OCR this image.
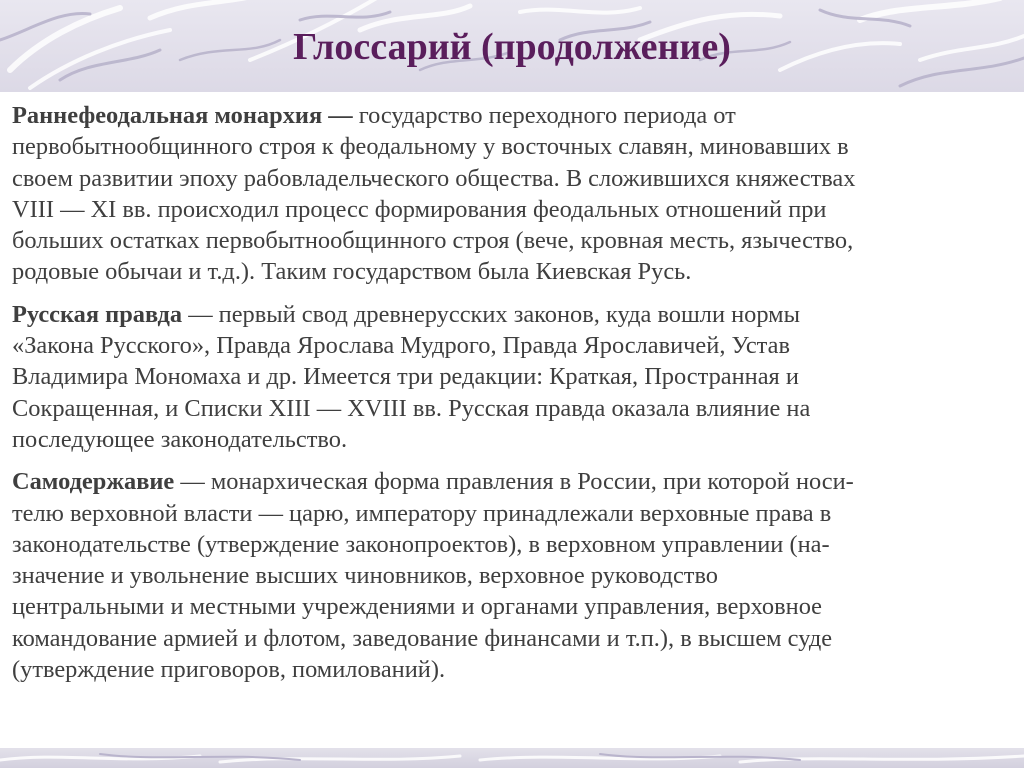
Глоссарий (продолжение)

Раннефеодальная монархия — государство переходного периода от
первобытнообщинного строя к феодальному у восточных славян, миновавших в
своем развитии эпоху рабовладельческого общества. В сложившихся княжествах
VIII — XI вв. происходил процесс формирования феодальных отношений при
больших остатках первобытнообщинного строя (вече, кровная месть, язычество,
родовые обычаи и т.д.). Таким государством была Киевская Русь.

Русская правда — первый свод древнерусских законов, куда вошли нормы
«Закона Русского», Правда Ярослава Мудрого, Правда Ярославичей, Устав
Владимира Мономаха и др. Имеется три редакции: Краткая, Пространная и
Сокращенная, и Списки XIII — XVIII вв. Русская правда оказала влияние на
последующее законодательство.

Самодержавие — монархическая форма правления в России, при которой носи-
телю верховной власти — царю, императору принадлежали верховные права в
законодательстве (утверждение законопроектов), в верховном управлении (на-
значение и увольнение высших чиновников, верховное руководство
центральными и местными учреждениями и органами управления, верховное
командование армией и флотом, заведование финансами и т.п.), в высшем суде
(утверждение приговоров, помилований).
